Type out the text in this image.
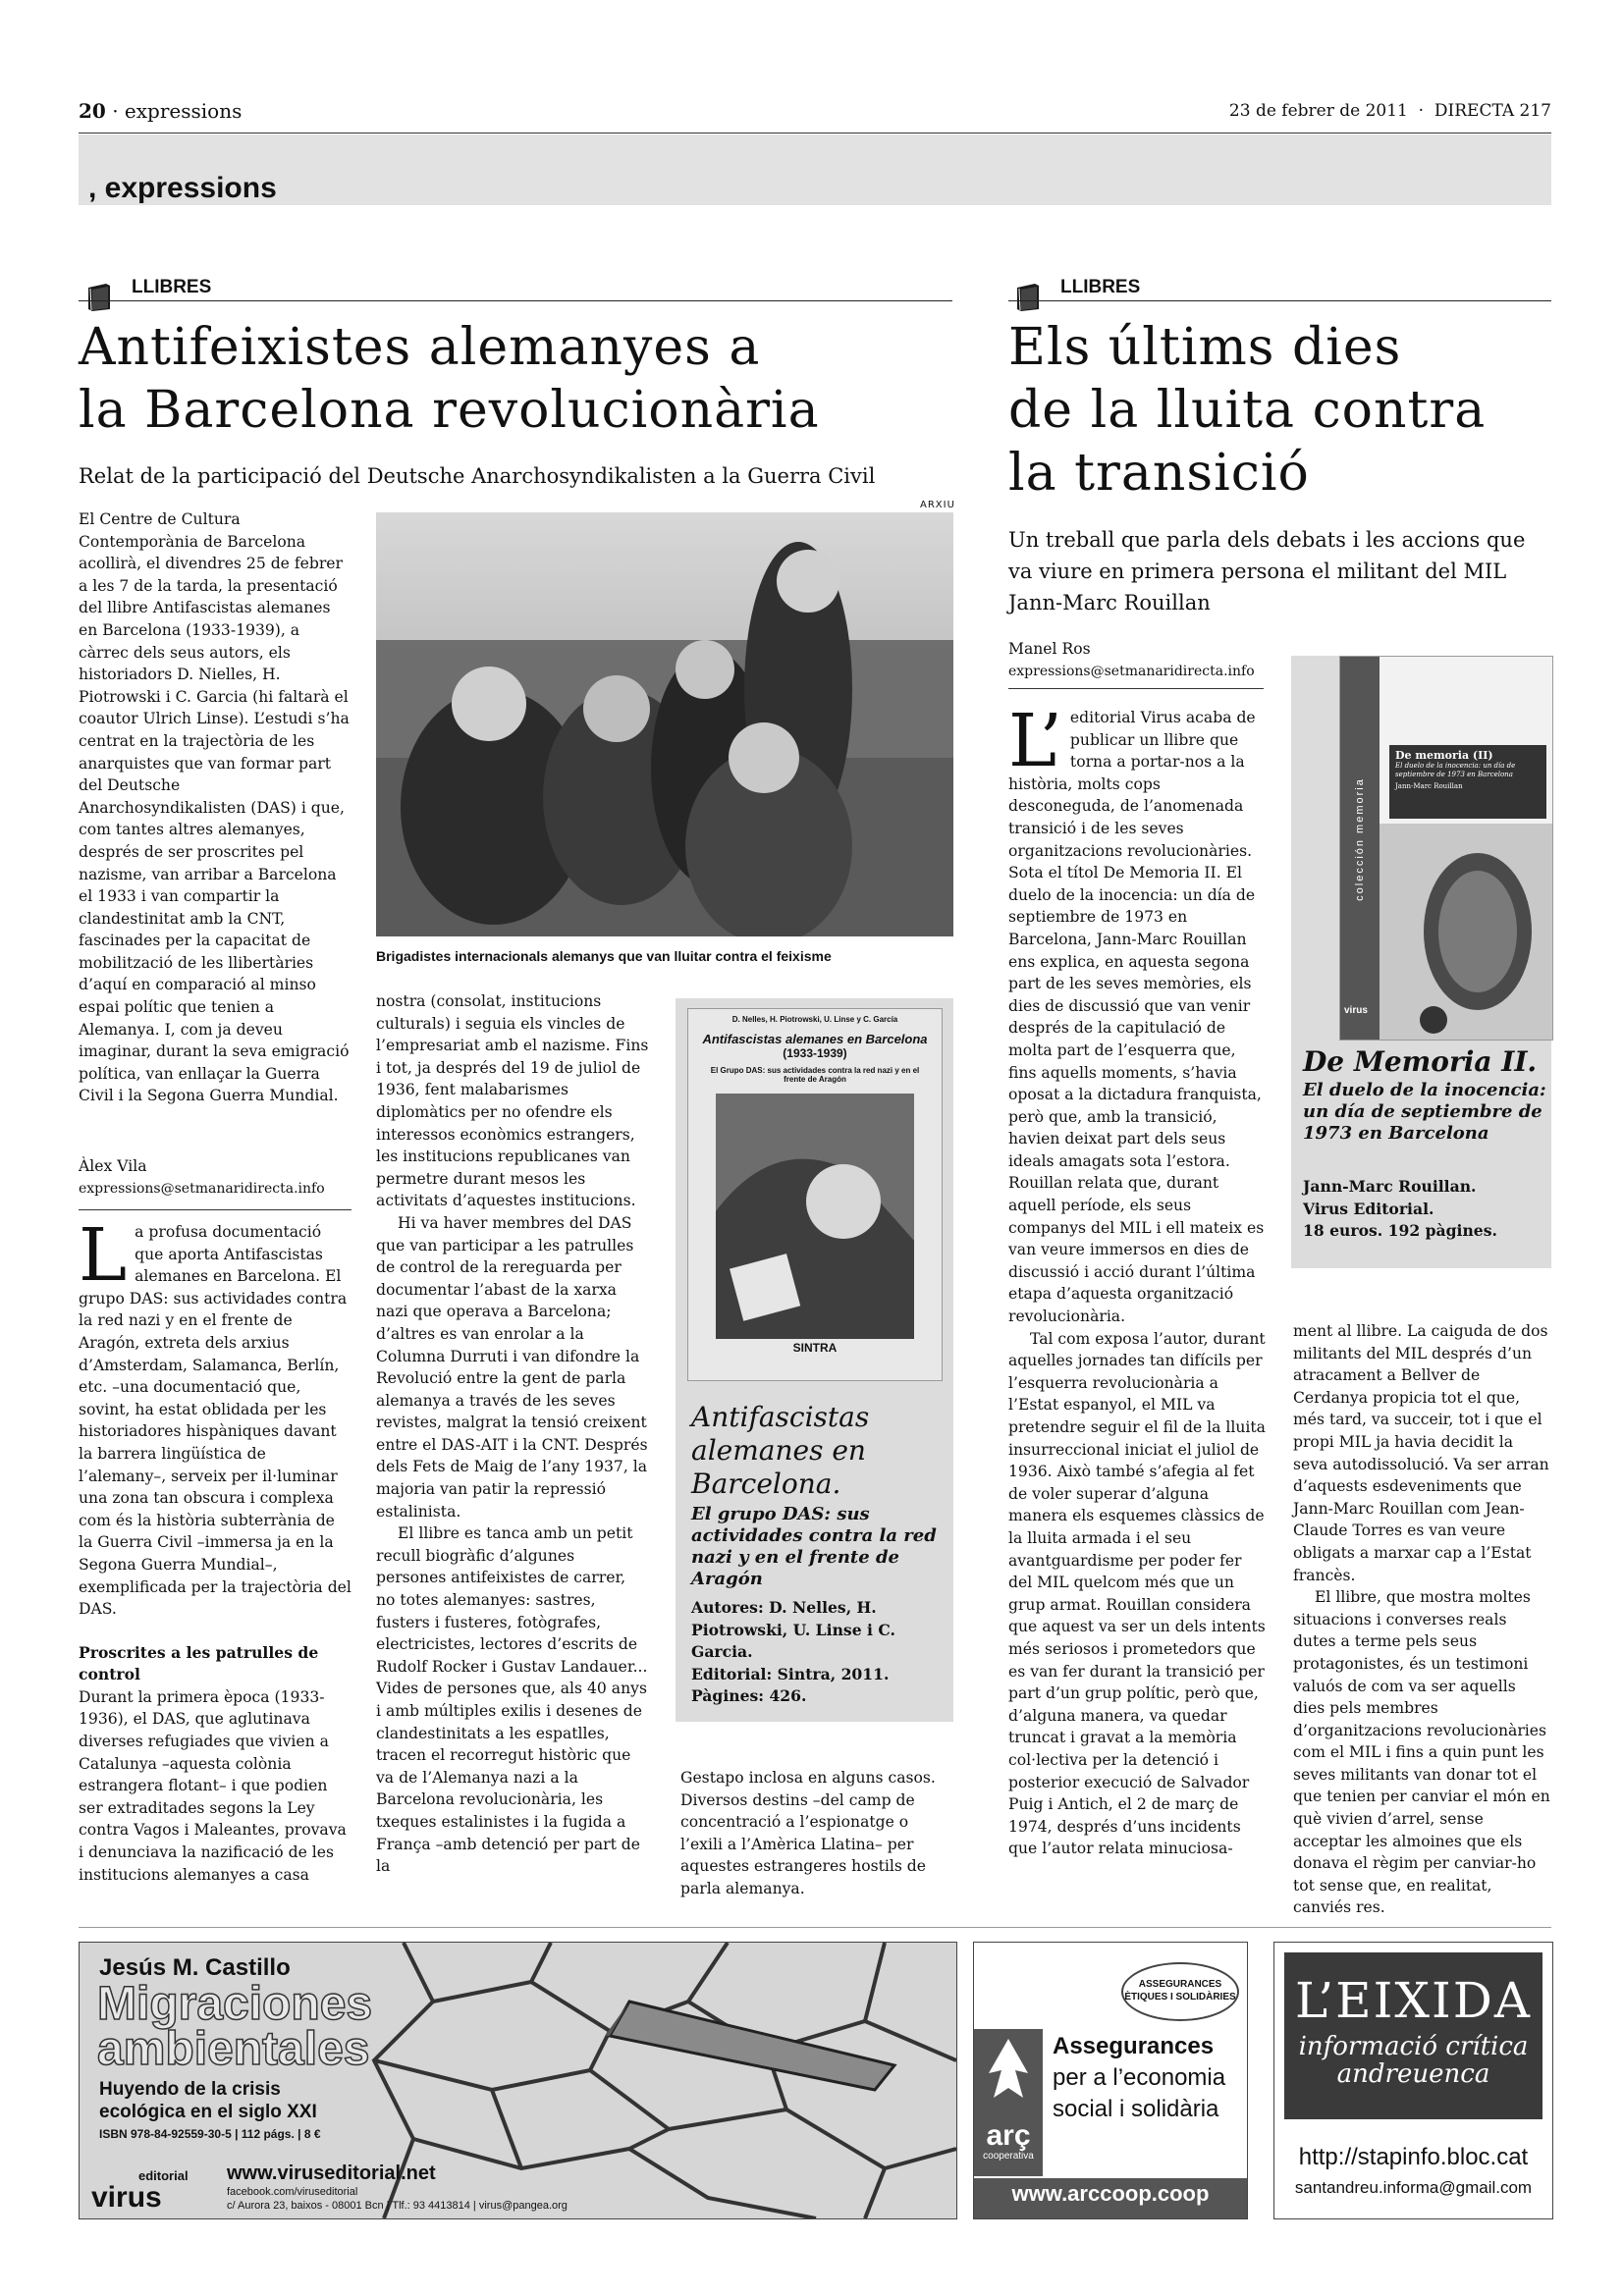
20 · expressions	23 de febrer de 2011  ·  DIRECTA 217
, expressions
LLIBRES
Antifeixistes alemanyes a
la Barcelona revolucionària
Relat de la participació del Deutsche Anarchosyndikalisten a la Guerra Civil

El Centre de Cultura Contemporània de Barcelona acollirà, el divendres 25 de febrer a les 7 de la tarda, la presentació del llibre Antifascistas alemanes en Barcelona (1933-1939), a càrrec dels seus autors, els historiadors D. Nielles, H. Piotrowski i C. Garcia (hi faltarà el coautor Ulrich Linse). L’estudi s’ha centrat en la trajectòria de les anarquistes que van formar part del Deutsche Anarchosyndikalisten (DAS) i que, com tantes altres alemanyes, després de ser proscrites pel nazisme, van arribar a Barcelona el 1933 i van compartir la clandestinitat amb la CNT, fascinades per la capacitat de mobilització de les llibertàries d’aquí en comparació al minso espai polític que tenien a Alemanya. I, com ja deveu imaginar, durant la seva emigració política, van enllaçar la Guerra Civil i la Segona Guerra Mundial.

Àlex Vila
expressions@setmanaridirecta.info
ARXIU
Brigadistes internacionals alemanys que van lluitar contra el feixisme
L a profusa documentació que aporta Antifascistas alemanes en Barcelona. El grupo DAS: sus actividades contra la red nazi y en el frente de Aragón, extreta dels arxius d’Amsterdam, Salamanca, Berlín, etc. –una documentació que, sovint, ha estat oblidada per les historiadores hispàniques davant la barrera lingüística de l’alemany–, serveix per il·luminar una zona tan obscura i complexa com és la història subterrània de la Guerra Civil –immersa ja en la Segona Guerra Mundial–, exemplificada per la trajectòria del DAS.

Proscrites a les patrulles de control

Durant la primera època (1933-1936), el DAS, que aglutinava diverses refugiades que vivien a Catalunya –aquesta colònia estrangera flotant– i que podien ser extraditades segons la Ley contra Vagos i Maleantes, provava i denunciava la nazificació de les institucions alemanyes a casa

nostra (consolat, institucions culturals) i seguia els vincles de l’empresariat amb el nazisme. Fins i tot, ja després del 19 de juliol de 1936, fent malabarismes diplomàtics per no ofendre els interessos econòmics estrangers, les institucions republicanes van permetre durant mesos les activitats d’aquestes institucions.

Hi va haver membres del DAS que van participar a les patrulles de control de la rereguarda per documentar l’abast de la xarxa nazi que operava a Barcelona; d’altres es van enrolar a la Columna Durruti i van difondre la Revolució entre la gent de parla alemanya a través de les seves revistes, malgrat la tensió creixent entre el DAS-AIT i la CNT. Després dels Fets de Maig de l’any 1937, la majoria van patir la repressió estalinista.

El llibre es tanca amb un petit recull biogràfic d’algunes persones antifeixistes de carrer, no totes alemanyes: sastres, fusters i fusteres, fotògrafes, electricistes, lectores d’escrits de Rudolf Rocker i Gustav Landauer... Vides de persones que, als 40 anys i amb múltiples exilis i desenes de clandestinitats a les espatlles, tracen el recorregut històric que va de l’Alemanya nazi a la Barcelona revolucionària, les txeques estalinistes i la fugida a França –amb detenció per part de la

D. Nelles, H. Piotrowski, U. Linse y C. García
Antifascistas alemanes en Barcelona
(1933-1939)
El Grupo DAS: sus actividades contra la red nazi y en el frente de Aragón
SINTRA
Antifascistas alemanes en Barcelona.
El grupo DAS: sus actividades contra la red nazi y en el frente de Aragón
Autores: D. Nelles, H. Piotrowski, U. Linse i C. Garcia.
Editorial: Sintra, 2011.
Pàgines: 426.

Gestapo inclosa en alguns casos. Diversos destins –del camp de concentració a l’espionatge o l’exili a l’Amèrica Llatina– per aquestes estrangeres hostils de parla alemanya.

LLIBRES
Els últims dies
de la lluita contra
la transició
Un treball que parla dels debats i les accions que va viure en primera persona el militant del MIL Jann-Marc Rouillan
Manel Ros
expressions@setmanaridirecta.info
L’ editorial Virus acaba de publicar un llibre que torna a portar-nos a la història, molts cops desconeguda, de l’anomenada transició i de les seves organitzacions revolucionàries. Sota el títol De Memoria II. El duelo de la inocencia: un día de septiembre de 1973 en Barcelona, Jann-Marc Rouillan ens explica, en aquesta segona part de les seves memòries, els dies de discussió que van venir després de la capitulació de molta part de l’esquerra que, fins aquells moments, s’havia oposat a la dictadura franquista, però que, amb la transició, havien deixat part dels seus ideals amagats sota l’estora. Rouillan relata que, durant aquell període, els seus companys del MIL i ell mateix es van veure immersos en dies de discussió i acció durant l’última etapa d’aquesta organització revolucionària.

Tal com exposa l’autor, durant aquelles jornades tan difícils per l’esquerra revolucionària a l’Estat espanyol, el MIL va pretendre seguir el fil de la lluita insurreccional iniciat el juliol de 1936. Això també s’afegia al fet de voler superar d’alguna manera els esquemes clàssics de la lluita armada i el seu avantguardisme per poder fer del MIL quelcom més que un grup armat. Rouillan considera que aquest va ser un dels intents més seriosos i prometedors que es van fer durant la transició per part d’un grup polític, però que, d’alguna manera, va quedar truncat i gravat a la memòria col·lectiva per la detenció i posterior execució de Salvador Puig i Antich, el 2 de març de 1974, després d’uns incidents que l’autor relata minuciosa-

colección memoria
De memoria (II)
El duelo de la inocencia: un día de septiembre de 1973 en Barcelona
Jann-Marc Rouillan
virus
De Memoria II.
El duelo de la inocencia: un día de septiembre de 1973 en Barcelona
Jann-Marc Rouillan.
Virus Editorial.
18 euros. 192 pàgines.

ment al llibre. La caiguda de dos militants del MIL després d’un atracament a Bellver de Cerdanya propicia tot el que, més tard, va succeir, tot i que el propi MIL ja havia decidit la seva autodissolució. Va ser arran d’aquests esdeveniments que Jann-Marc Rouillan com Jean-Claude Torres es van veure obligats a marxar cap a l’Estat francès.

El llibre, que mostra moltes situacions i converses reals dutes a terme pels seus protagonistes, és un testimoni valuós de com va ser aquells dies pels membres d’organitzacions revolucionàries com el MIL i fins a quin punt les seves militants van donar tot el que tenien per canviar el món en què vivien d’arrel, sense acceptar les almoines que els donava el règim per canviar-ho tot sense que, en realitat, canviés res.

Jesús M. Castillo
Migraciones
ambientales
Huyendo de la crisis
ecológica en el siglo XXI
ISBN 978-84-92559-30-5 | 112 págs. | 8 €
editorial
virus
www.viruseditorial.net
facebook.com/viruseditorial
c/ Aurora 23, baixos - 08001 Bcn | Tlf.: 93 4413814 | virus@pangea.org
ASSEGURANCES
ÈTIQUES I SOLIDÀRIES
arç
cooperativa
Assegurances
per a l’economia
social i solidària
www.arccoop.coop
L’EIXIDA
informació crítica
andreuenca
http://stapinfo.bloc.cat
santandreu.informa@gmail.com
